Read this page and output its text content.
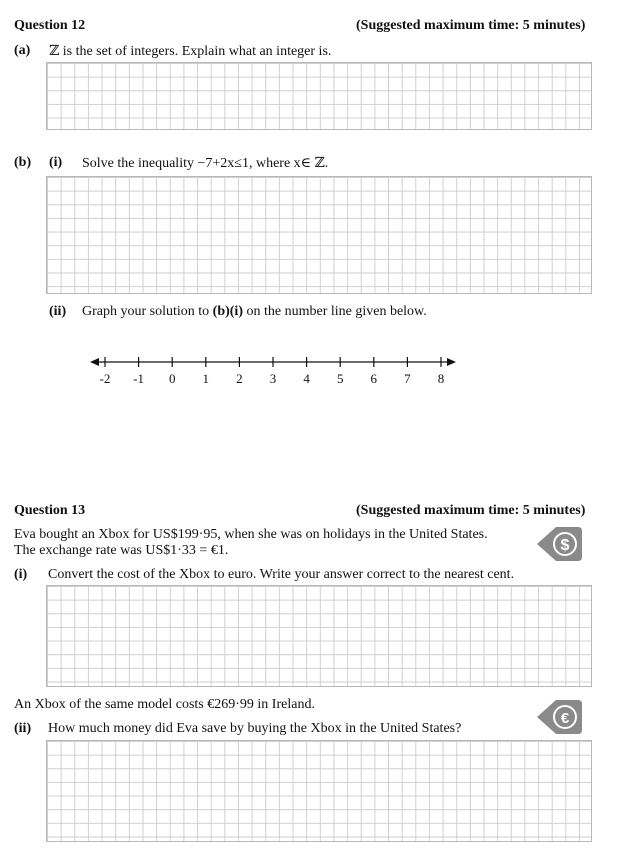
Question 12	(Suggested maximum time: 5 minutes)
(a) ℤ is the set of integers. Explain what an integer is.
(b) (i) Solve the inequality −7+2x≤1, where x∈ ℤ.
(ii) Graph your solution to (b)(i) on the number line given below.
-2 -1 0 1 2 3 4 5 6 7 8
Question 13	(Suggested maximum time: 5 minutes)
Eva bought an Xbox for US$199·95, when she was on holidays in the United States.
The exchange rate was US$1·33 = €1.	$
(i) Convert the cost of the Xbox to euro. Write your answer correct to the nearest cent.
An Xbox of the same model costs €269·99 in Ireland.
€
(ii) How much money did Eva save by buying the Xbox in the United States?
